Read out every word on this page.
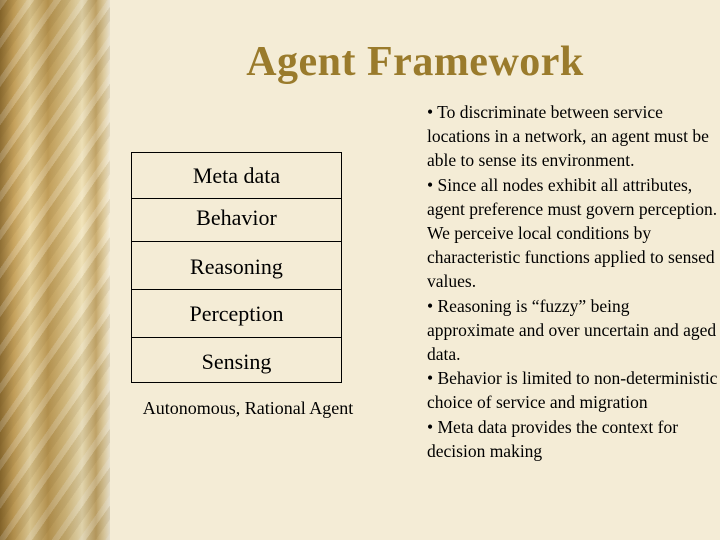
Agent Framework
Meta data
Behavior
Reasoning
Perception
Sensing
Autonomous, Rational Agent
• To discriminate between service locations in a network, an agent must be able to sense its environment.
• Since all nodes exhibit all attributes, agent preference must govern perception. We perceive local conditions by characteristic functions applied to sensed values.
• Reasoning is “fuzzy” being approximate and over uncertain and aged data.
• Behavior is limited to non-deterministic choice of service and migration
• Meta data provides the context for decision making
